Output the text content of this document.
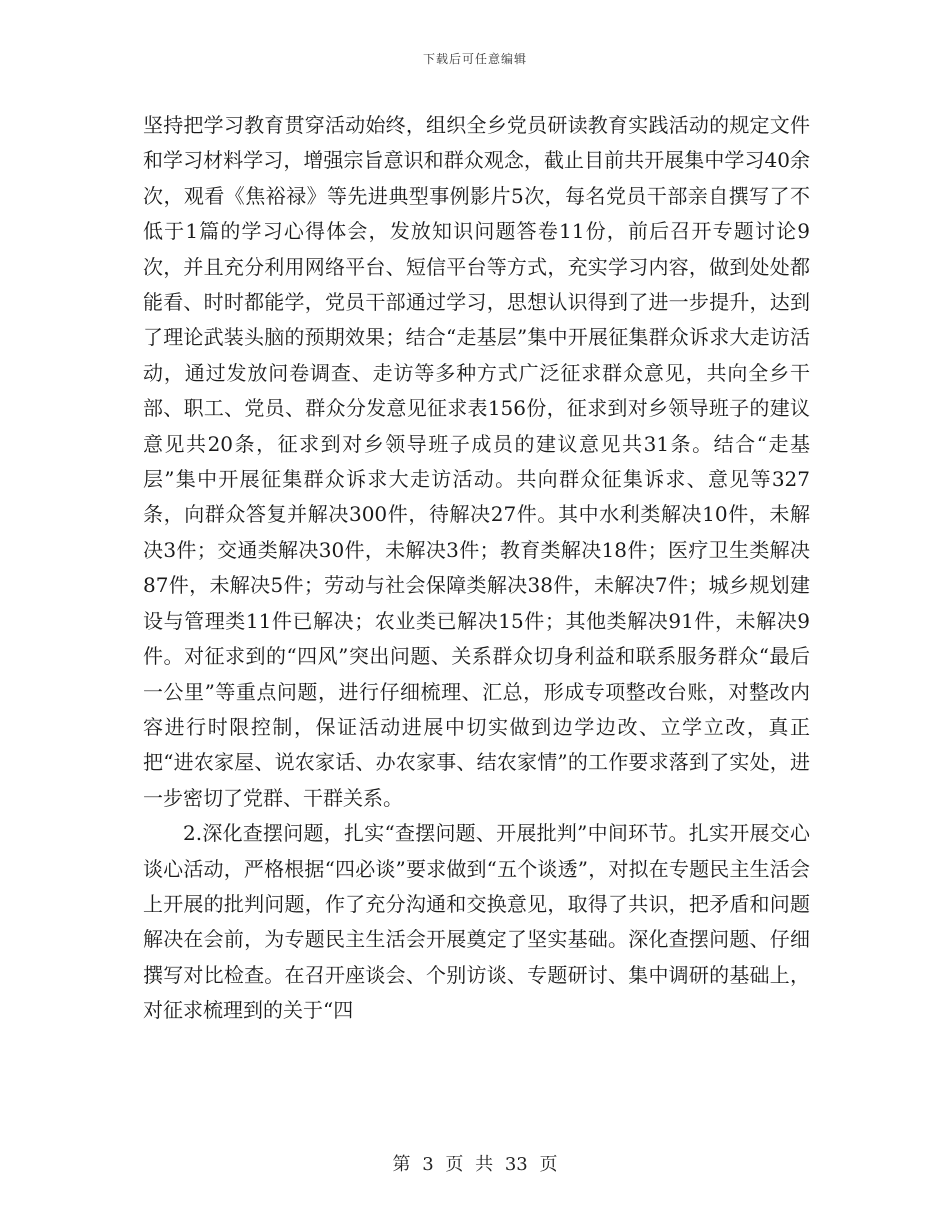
下载后可任意编辑

坚持把学习教育贯穿活动始终，组织全乡党员研读教育实践活动的规定文件和学习材料学习，增强宗旨意识和群众观念，截止目前共开展集中学习40余次，观看《焦裕禄》等先进典型事例影片5次，每名党员干部亲自撰写了不低于1篇的学习心得体会，发放知识问题答卷11份，前后召开专题讨论9次，并且充分利用网络平台、短信平台等方式，充实学习内容，做到处处都能看、时时都能学，党员干部通过学习，思想认识得到了进一步提升，达到了理论武装头脑的预期效果；结合“走基层”集中开展征集群众诉求大走访活动，通过发放问卷调查、走访等多种方式广泛征求群众意见，共向全乡干部、职工、党员、群众分发意见征求表156份，征求到对乡领导班子的建议意见共20条，征求到对乡领导班子成员的建议意见共31条。结合“走基层”集中开展征集群众诉求大走访活动。共向群众征集诉求、意见等327条，向群众答复并解决300件，待解决27件。其中水利类解决10件，未解决3件；交通类解决30件，未解决3件；教育类解决18件；医疗卫生类解决87件，未解决5件；劳动与社会保障类解决38件，未解决7件；城乡规划建设与管理类11件已解决；农业类已解决15件；其他类解决91件，未解决9件。对征求到的“四风”突出问题、关系群众切身利益和联系服务群众“最后一公里”等重点问题，进行仔细梳理、汇总，形成专项整改台账，对整改内容进行时限控制，保证活动进展中切实做到边学边改、立学立改，真正把“进农家屋、说农家话、办农家事、结农家情”的工作要求落到了实处，进一步密切了党群、干群关系。

2.深化查摆问题，扎实“查摆问题、开展批判”中间环节。扎实开展交心谈心活动，严格根据“四必谈”要求做到“五个谈透”，对拟在专题民主生活会上开展的批判问题，作了充分沟通和交换意见，取得了共识，把矛盾和问题解决在会前，为专题民主生活会开展奠定了坚实基础。深化查摆问题、仔细撰写对比检查。在召开座谈会、个别访谈、专题研讨、集中调研的基础上，对征求梳理到的关于“四

第 3 页 共 33 页
